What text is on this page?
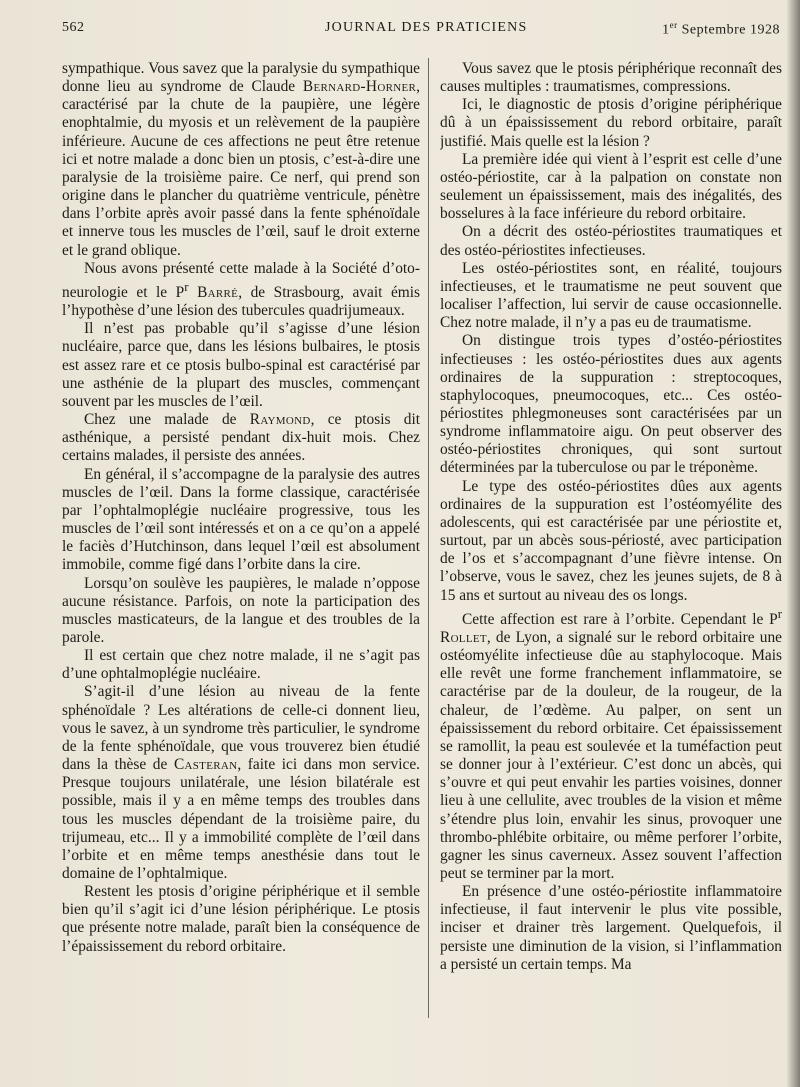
562	JOURNAL DES PRATICIENS	1er Septembre 1928

sympathique. Vous savez que la paralysie du sympathique donne lieu au syndrome de Claude Bernard-Horner, caractérisé par la chute de la paupière, une légère enophtalmie, du myosis et un relèvement de la paupière inférieure. Aucune de ces affections ne peut être retenue ici et notre malade a donc bien un ptosis, c’est-à-dire une paralysie de la troisième paire. Ce nerf, qui prend son origine dans le plancher du quatrième ventricule, pénètre dans l’orbite après avoir passé dans la fente sphénoïdale et innerve tous les muscles de l’œil, sauf le droit externe et le grand oblique.

Nous avons présenté cette malade à la Société d’oto-neurologie et le $P^r$ Barré, de Strasbourg, avait émis l’hypothèse d’une lésion des tubercules quadrijumeaux.

Il n’est pas probable qu’il s’agisse d’une lésion nucléaire, parce que, dans les lésions bulbaires, le ptosis est assez rare et ce ptosis bulbo-spinal est caractérisé par une asthénie de la plupart des muscles, commençant souvent par les muscles de l’œil.

Chez une malade de Raymond, ce ptosis dit asthénique, a persisté pendant dix-huit mois. Chez certains malades, il persiste des années.

En général, il s’accompagne de la paralysie des autres muscles de l’œil. Dans la forme classique, caractérisée par l’ophtalmoplégie nucléaire progressive, tous les muscles de l’œil sont intéressés et on a ce qu’on a appelé le faciès d’Hutchinson, dans lequel l’œil est absolument immobile, comme figé dans l’orbite dans la cire.

Lorsqu’on soulève les paupières, le malade n’oppose aucune résistance. Parfois, on note la participation des muscles masticateurs, de la langue et des troubles de la parole.

Il est certain que chez notre malade, il ne s’agit pas d’une ophtalmoplégie nucléaire.

S’agit-il d’une lésion au niveau de la fente sphénoïdale ? Les altérations de celle-ci donnent lieu, vous le savez, à un syndrome très particulier, le syndrome de la fente sphénoïdale, que vous trouverez bien étudié dans la thèse de Casteran, faite ici dans mon service. Presque toujours unilatérale, une lésion bilatérale est possible, mais il y a en même temps des troubles dans tous les muscles dépendant de la troisième paire, du trijumeau, etc... Il y a immobilité complète de l’œil dans l’orbite et en même temps anesthésie dans tout le domaine de l’ophtalmique.

Restent les ptosis d’origine périphérique et il semble bien qu’il s’agit ici d’une lésion périphérique. Le ptosis que présente notre malade, paraît bien la conséquence de l’épaississement du rebord orbitaire.

Vous savez que le ptosis périphérique reconnaît des causes multiples : traumatismes, compressions.

Ici, le diagnostic de ptosis d’origine périphérique dû à un épaississement du rebord orbitaire, paraît justifié. Mais quelle est la lésion ?

La première idée qui vient à l’esprit est celle d’une ostéo-périostite, car à la palpation on constate non seulement un épaississement, mais des inégalités, des bosselures à la face inférieure du rebord orbitaire.

On a décrit des ostéo-périostites traumatiques et des ostéo-périostites infectieuses.

Les ostéo-périostites sont, en réalité, toujours infectieuses, et le traumatisme ne peut souvent que localiser l’affection, lui servir de cause occasionnelle. Chez notre malade, il n’y a pas eu de traumatisme.

On distingue trois types d’ostéo-périostites infectieuses : les ostéo-périostites dues aux agents ordinaires de la suppuration : streptocoques, staphylocoques, pneumocoques, etc... Ces ostéo-périostites phlegmoneuses sont caractérisées par un syndrome inflammatoire aigu. On peut observer des ostéo-périostites chroniques, qui sont surtout déterminées par la tuberculose ou par le tréponème.

Le type des ostéo-périostites dûes aux agents ordinaires de la suppuration est l’ostéomyélite des adolescents, qui est caractérisée par une périostite et, surtout, par un abcès sous-périosté, avec participation de l’os et s’accompagnant d’une fièvre intense. On l’observe, vous le savez, chez les jeunes sujets, de 8 à 15 ans et surtout au niveau des os longs.

Cette affection est rare à l’orbite. Cependant le $P^r$ Rollet, de Lyon, a signalé sur le rebord orbitaire une ostéomyélite infectieuse dûe au staphylocoque. Mais elle revêt une forme franchement inflammatoire, se caractérise par de la douleur, de la rougeur, de la chaleur, de l’œdème. Au palper, on sent un épaississement du rebord orbitaire. Cet épaississement se ramollit, la peau est soulevée et la tuméfaction peut se donner jour à l’extérieur. C’est donc un abcès, qui s’ouvre et qui peut envahir les parties voisines, donner lieu à une cellulite, avec troubles de la vision et même s’étendre plus loin, envahir les sinus, provoquer une thrombo-phlébite orbitaire, ou même perforer l’orbite, gagner les sinus caverneux. Assez souvent l’affection peut se terminer par la mort.

En présence d’une ostéo-périostite inflammatoire infectieuse, il faut intervenir le plus vite possible, inciser et drainer très largement. Quelquefois, il persiste une diminution de la vision, si l’inflammation a persisté un certain temps. Ma
